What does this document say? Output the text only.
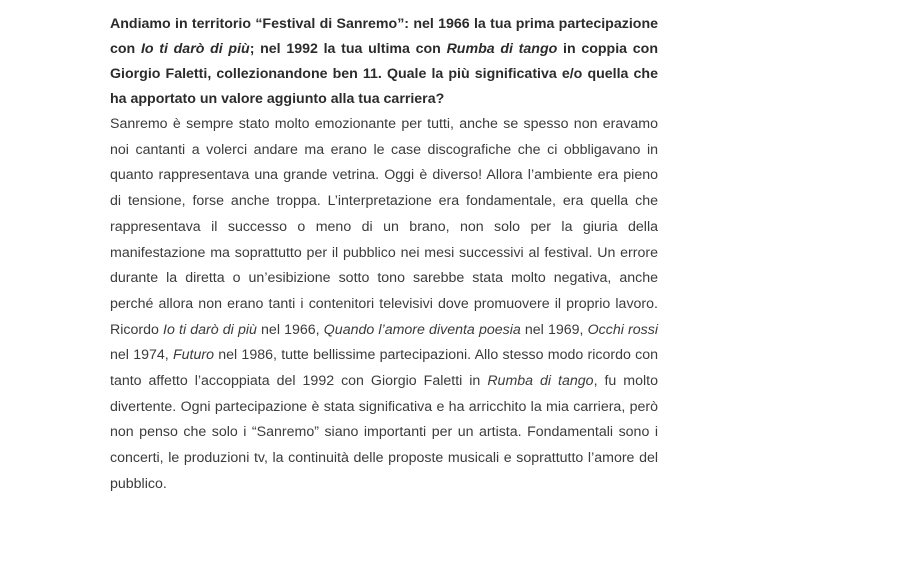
Andiamo in territorio “Festival di Sanremo”: nel 1966 la tua prima partecipazione con Io ti darò di più; nel 1992 la tua ultima con Rumba di tango in coppia con Giorgio Faletti, collezionandone ben 11. Quale la più significativa e/o quella che ha apportato un valore aggiunto alla tua carriera?

Sanremo è sempre stato molto emozionante per tutti, anche se spesso non eravamo noi cantanti a volerci andare ma erano le case discografiche che ci obbligavano in quanto rappresentava una grande vetrina. Oggi è diverso! Allora l’ambiente era pieno di tensione, forse anche troppa. L’interpretazione era fondamentale, era quella che rappresentava il successo o meno di un brano, non solo per la giuria della manifestazione ma soprattutto per il pubblico nei mesi successivi al festival. Un errore durante la diretta o un’esibizione sotto tono sarebbe stata molto negativa, anche perché allora non erano tanti i contenitori televisivi dove promuovere il proprio lavoro. Ricordo Io ti darò di più nel 1966, Quando l’amore diventa poesia nel 1969, Occhi rossi nel 1974, Futuro nel 1986, tutte bellissime partecipazioni. Allo stesso modo ricordo con tanto affetto l’accoppiata del 1992 con Giorgio Faletti in Rumba di tango, fu molto divertente. Ogni partecipazione è stata significativa e ha arricchito la mia carriera, però non penso che solo i “Sanremo” siano importanti per un artista. Fondamentali sono i concerti, le produzioni tv, la continuità delle proposte musicali e soprattutto l’amore del pubblico.
